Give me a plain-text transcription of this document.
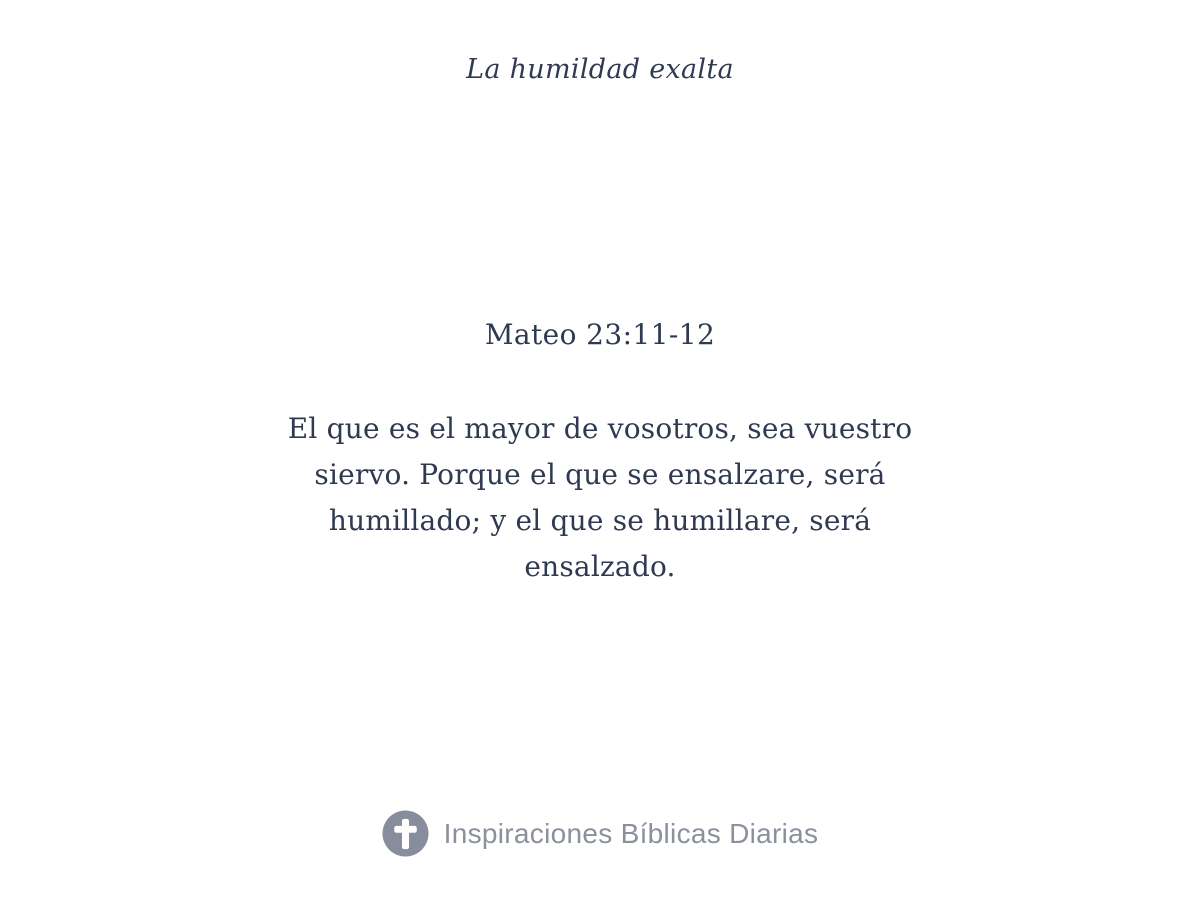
La humildad exalta
Mateo 23:11-12
El que es el mayor de vosotros, sea vuestro
siervo. Porque el que se ensalzare, será
humillado; y el que se humillare, será
ensalzado.
Inspiraciones Bíblicas Diarias
